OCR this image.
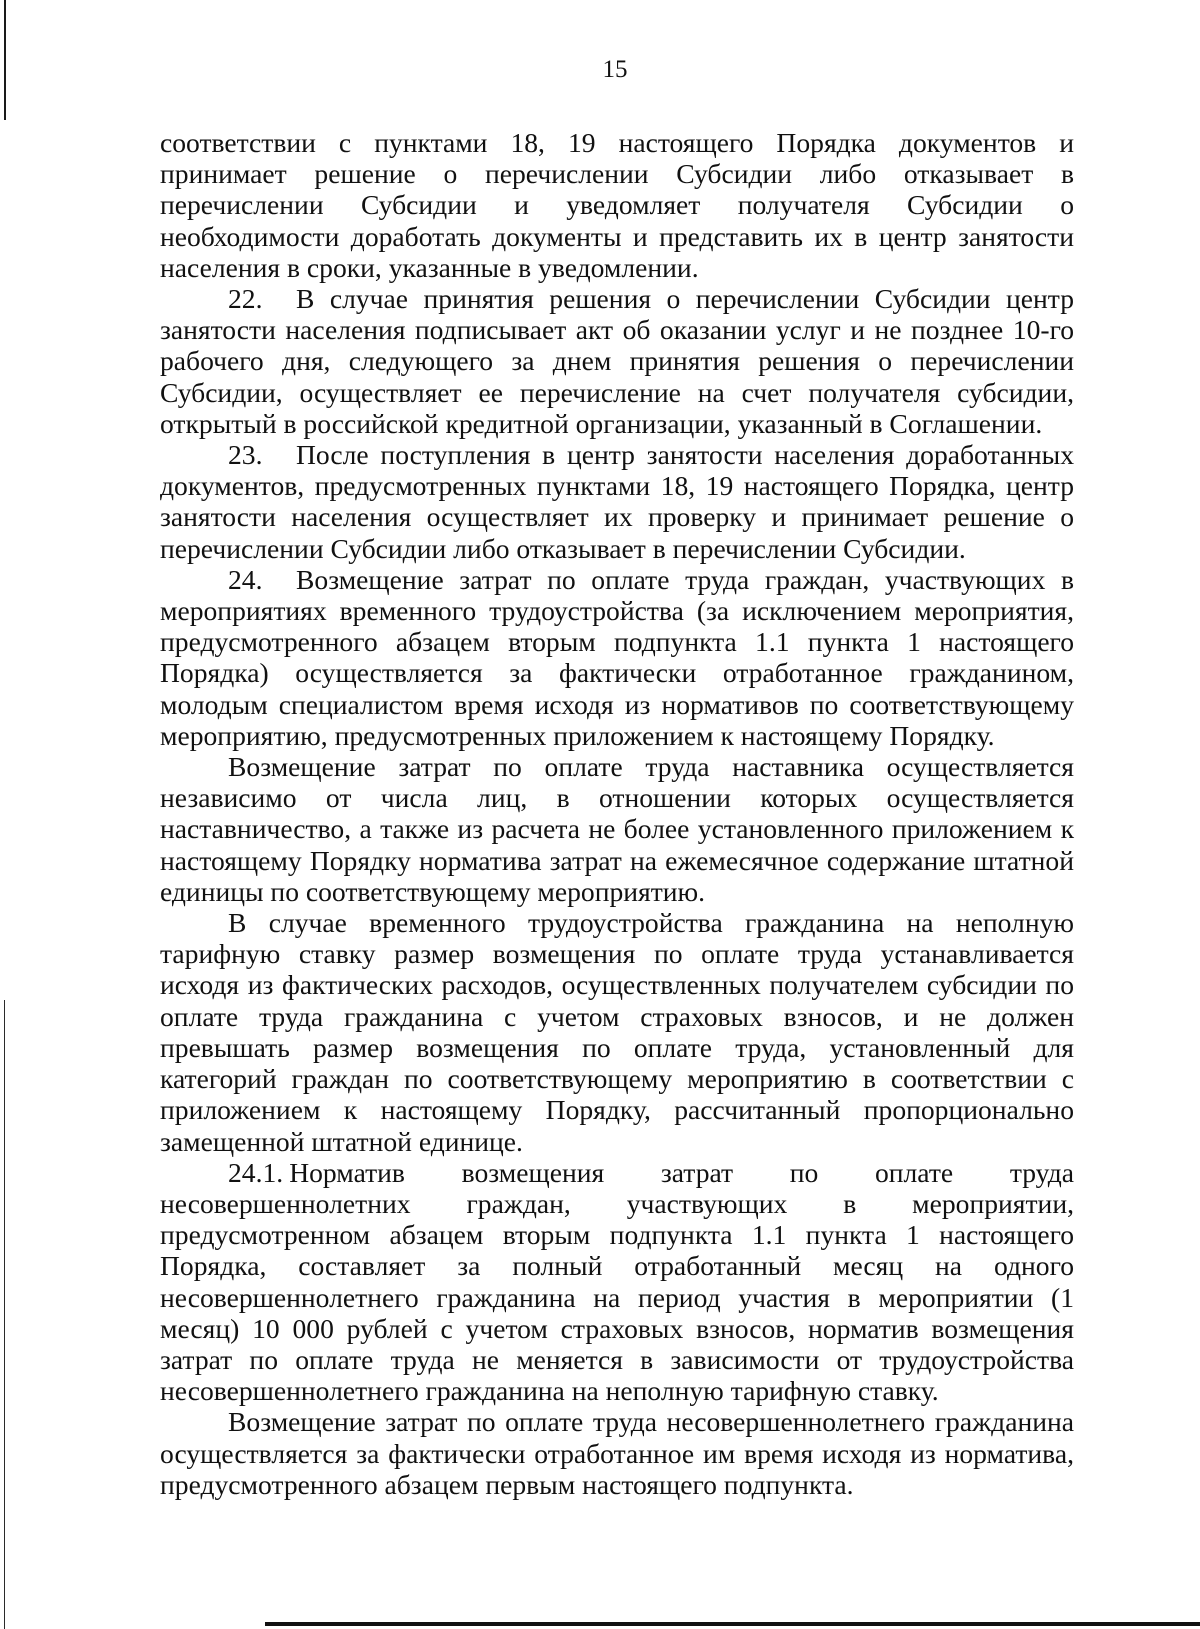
15

соответствии с пунктами 18, 19 настоящего Порядка документов и принимает решение о перечислении Субсидии либо отказывает в перечислении Субсидии и уведомляет получателя Субсидии о необходимости доработать документы и представить их в центр занятости населения в сроки, указанные в уведомлении.

22. В случае принятия решения о перечислении Субсидии центр занятости населения подписывает акт об оказании услуг и не позднее 10-го рабочего дня, следующего за днем принятия решения о перечислении Субсидии, осуществляет ее перечисление на счет получателя субсидии, открытый в российской кредитной организации, указанный в Соглашении.

23. После поступления в центр занятости населения доработанных документов, предусмотренных пунктами 18, 19 настоящего Порядка, центр занятости населения осуществляет их проверку и принимает решение о перечислении Субсидии либо отказывает в перечислении Субсидии.

24. Возмещение затрат по оплате труда граждан, участвующих в мероприятиях временного трудоустройства (за исключением мероприятия, предусмотренного абзацем вторым подпункта 1.1 пункта 1 настоящего Порядка) осуществляется за фактически отработанное гражданином, молодым специалистом время исходя из нормативов по соответствующему мероприятию, предусмотренных приложением к настоящему Порядку.

Возмещение затрат по оплате труда наставника осуществляется независимо от числа лиц, в отношении которых осуществляется наставничество, а также из расчета не более установленного приложением к настоящему Порядку норматива затрат на ежемесячное содержание штатной единицы по соответствующему мероприятию.

В случае временного трудоустройства гражданина на неполную тарифную ставку размер возмещения по оплате труда устанавливается исходя из фактических расходов, осуществленных получателем субсидии по оплате труда гражданина с учетом страховых взносов, и не должен превышать размер возмещения по оплате труда, установленный для категорий граждан по соответствующему мероприятию в соответствии с приложением к настоящему Порядку, рассчитанный пропорционально замещенной штатной единице.

24.1. Норматив возмещения затрат по оплате труда несовершеннолетних граждан, участвующих в мероприятии, предусмотренном абзацем вторым подпункта 1.1 пункта 1 настоящего Порядка, составляет за полный отработанный месяц на одного несовершеннолетнего гражданина на период участия в мероприятии (1 месяц) 10 000 рублей с учетом страховых взносов, норматив возмещения затрат по оплате труда не меняется в зависимости от трудоустройства несовершеннолетнего гражданина на неполную тарифную ставку.

Возмещение затрат по оплате труда несовершеннолетнего гражданина осуществляется за фактически отработанное им время исходя из норматива, предусмотренного абзацем первым настоящего подпункта.
